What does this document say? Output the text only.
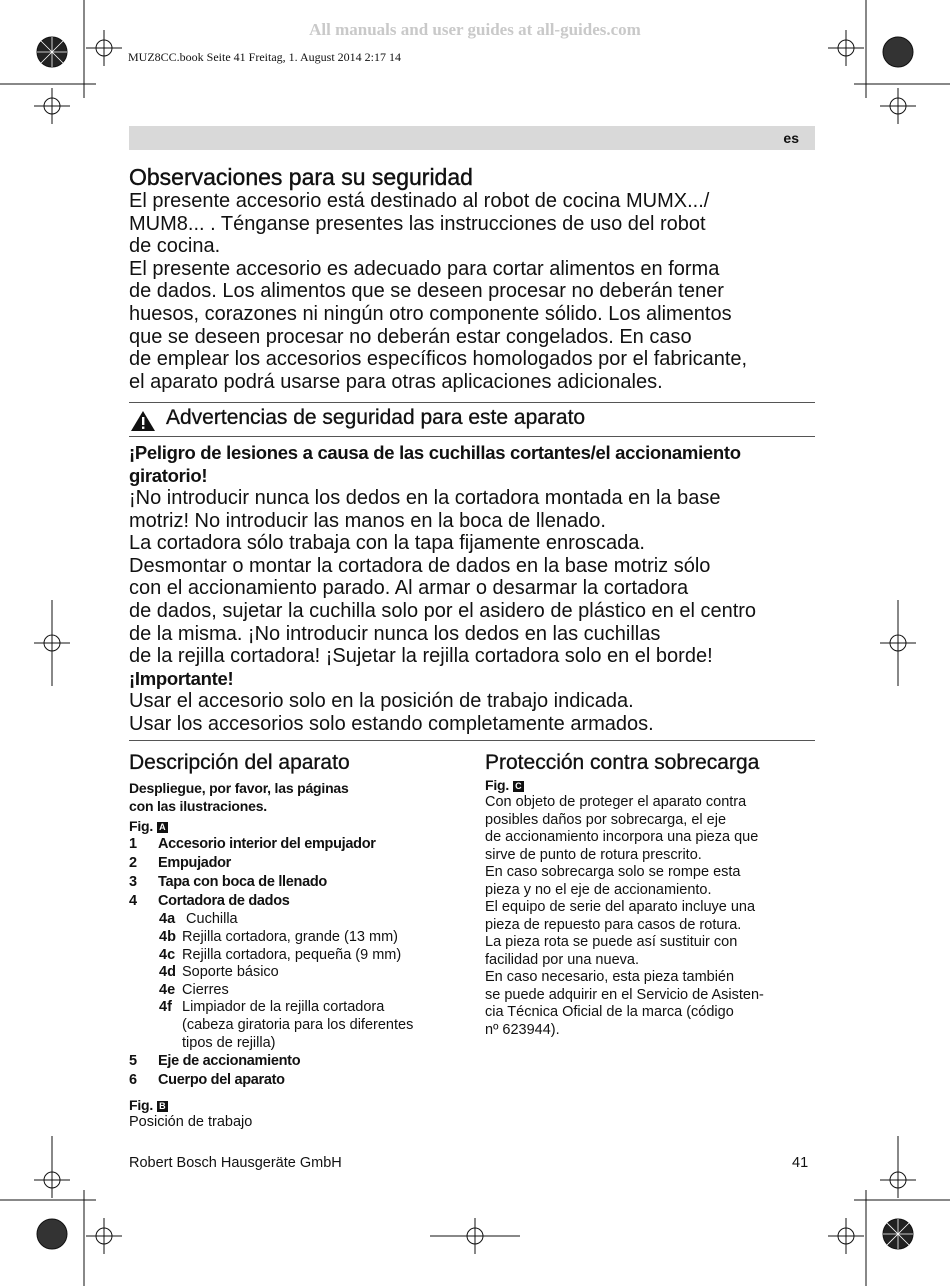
All manuals and user guides at all-guides.com
MUZ8CC.book Seite 41 Freitag, 1. August 2014 2:17 14
es
Observaciones para su seguridad
El presente accesorio está destinado al robot de cocina MUMX.../
MUM8... . Ténganse presentes las instrucciones de uso del robot
de cocina.
El presente accesorio es adecuado para cortar alimentos en forma
de dados. Los alimentos que se deseen procesar no deberán tener
huesos, corazones ni ningún otro componente sólido. Los alimentos
que se deseen procesar no deberán estar congelados. En caso
de emplear los accesorios específicos homologados por el fabricante,
el aparato podrá usarse para otras aplicaciones adicionales.
Advertencias de seguridad para este aparato
¡Peligro de lesiones a causa de las cuchillas cortantes/el accionamiento
giratorio!
¡No introducir nunca los dedos en la cortadora montada en la base
motriz! No introducir las manos en la boca de llenado.
La cortadora sólo trabaja con la tapa fijamente enroscada.
Desmontar o montar la cortadora de dados en la base motriz sólo
con el accionamiento parado. Al armar o desarmar la cortadora
de dados, sujetar la cuchilla solo por el asidero de plástico en el centro
de la misma. ¡No introducir nunca los dedos en las cuchillas
de la rejilla cortadora! ¡Sujetar la rejilla cortadora solo en el borde!
¡Importante!
Usar el accesorio solo en la posición de trabajo indicada.
Usar los accesorios solo estando completamente armados.
Descripción del aparato
Despliegue, por favor, las páginas
con las ilustraciones.
Fig. A
1 Accesorio interior del empujador
2 Empujador
3 Tapa con boca de llenado
4 Cortadora de dados
4a Cuchilla
4b Rejilla cortadora, grande (13 mm)
4c Rejilla cortadora, pequeña (9 mm)
4d Soporte básico
4e Cierres
4f Limpiador de la rejilla cortadora
(cabeza giratoria para los diferentes
tipos de rejilla)
5 Eje de accionamiento
6 Cuerpo del aparato
Fig. B
Posición de trabajo
Protección contra sobrecarga
Fig. C
Con objeto de proteger el aparato contra
posibles daños por sobrecarga, el eje
de accionamiento incorpora una pieza que
sirve de punto de rotura prescrito.
En caso sobrecarga solo se rompe esta
pieza y no el eje de accionamiento.
El equipo de serie del aparato incluye una
pieza de repuesto para casos de rotura.
La pieza rota se puede así sustituir con
facilidad por una nueva.
En caso necesario, esta pieza también
se puede adquirir en el Servicio de Asisten-
cia Técnica Oficial de la marca (código
nº 623944).
Robert Bosch Hausgeräte GmbH	41
